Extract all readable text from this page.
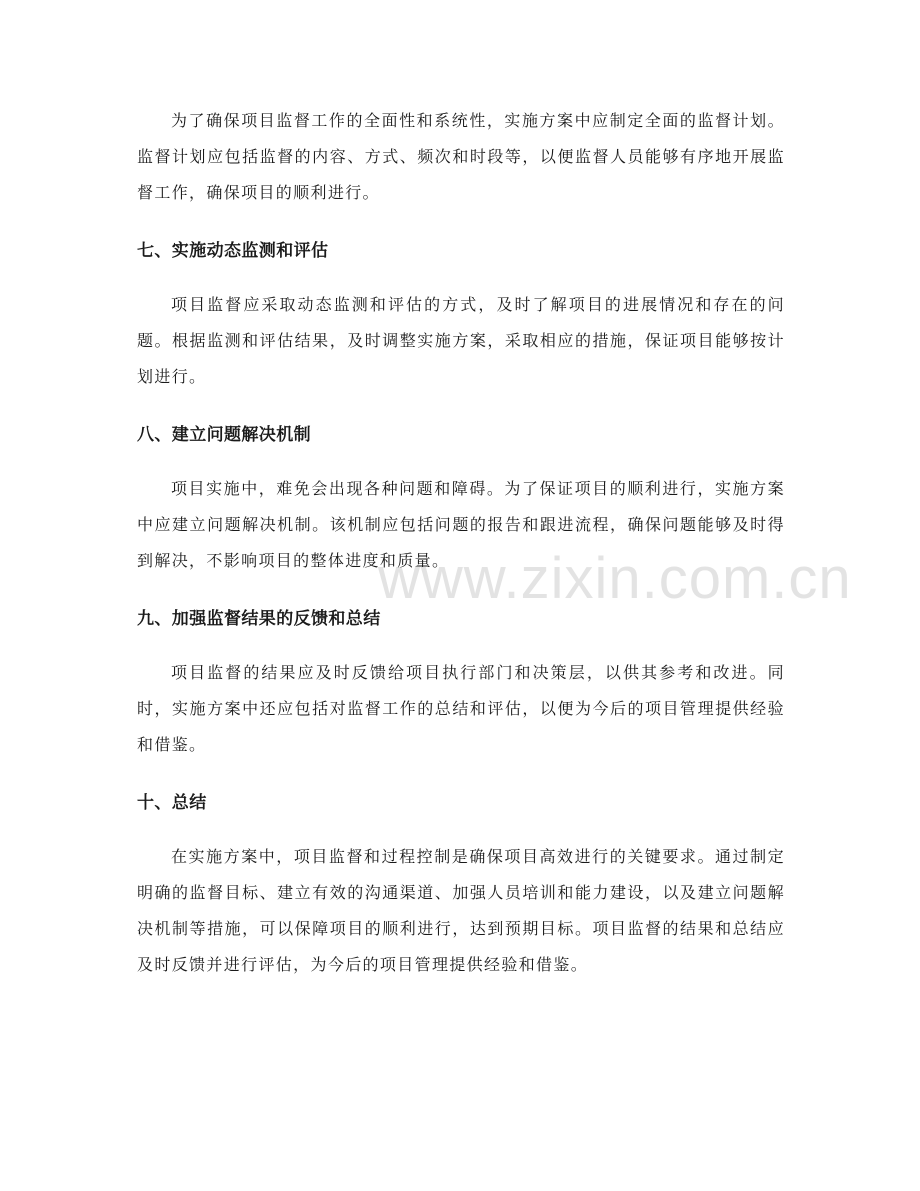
www.zixin.com.cn

为了确保项目监督工作的全面性和系统性，实施方案中应制定全面的监督计划。监督计划应包括监督的内容、方式、频次和时段等，以便监督人员能够有序地开展监督工作，确保项目的顺利进行。

七、实施动态监测和评估

项目监督应采取动态监测和评估的方式，及时了解项目的进展情况和存在的问题。根据监测和评估结果，及时调整实施方案，采取相应的措施，保证项目能够按计划进行。

八、建立问题解决机制

项目实施中，难免会出现各种问题和障碍。为了保证项目的顺利进行，实施方案中应建立问题解决机制。该机制应包括问题的报告和跟进流程，确保问题能够及时得到解决，不影响项目的整体进度和质量。

九、加强监督结果的反馈和总结

项目监督的结果应及时反馈给项目执行部门和决策层，以供其参考和改进。同时，实施方案中还应包括对监督工作的总结和评估，以便为今后的项目管理提供经验和借鉴。

十、总结

在实施方案中，项目监督和过程控制是确保项目高效进行的关键要求。通过制定明确的监督目标、建立有效的沟通渠道、加强人员培训和能力建设，以及建立问题解决机制等措施，可以保障项目的顺利进行，达到预期目标。项目监督的结果和总结应及时反馈并进行评估，为今后的项目管理提供经验和借鉴。
